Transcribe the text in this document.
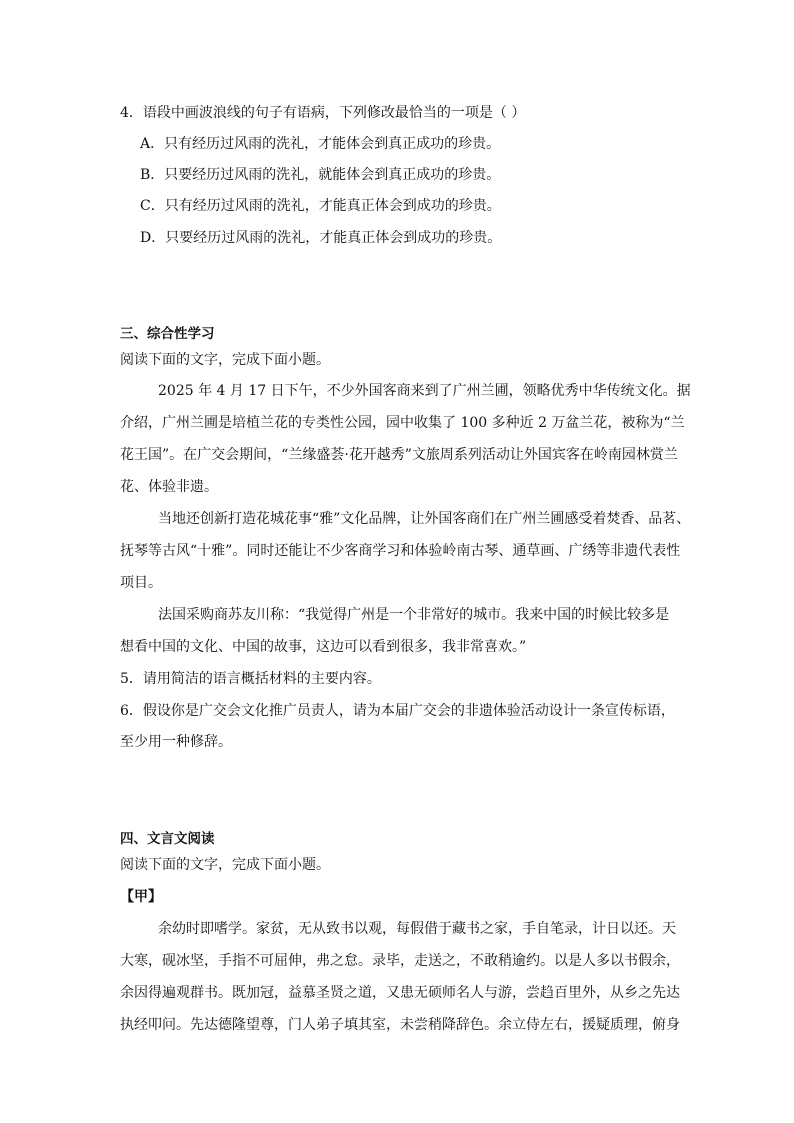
4．语段中画波浪线的句子有语病，下列修改最恰当的一项是（ ）
A．只有经历过风雨的洗礼，才能体会到真正成功的珍贵。
B．只要经历过风雨的洗礼，就能体会到真正成功的珍贵。
C．只有经历过风雨的洗礼，才能真正体会到成功的珍贵。
D．只要经历过风雨的洗礼，才能真正体会到成功的珍贵。
三、综合性学习
阅读下面的文字，完成下面小题。
2025 年 4 月 17 日下午，不少外国客商来到了广州兰圃，领略优秀中华传统文化。据
介绍，广州兰圃是培植兰花的专类性公园，园中收集了 100 多种近 2 万盆兰花，被称为“兰
花王国”。在广交会期间，“兰缘盛荟·花开越秀”文旅周系列活动让外国宾客在岭南园林赏兰
花、体验非遗。
当地还创新打造花城花事“雅”文化品牌，让外国客商们在广州兰圃感受着焚香、品茗、
抚琴等古风“十雅”。同时还能让不少客商学习和体验岭南古琴、通草画、广绣等非遗代表性
项目。
法国采购商苏友川称：“我觉得广州是一个非常好的城市。我来中国的时候比较多是
想看中国的文化、中国的故事，这边可以看到很多，我非常喜欢。”
5．请用简洁的语言概括材料的主要内容。
6．假设你是广交会文化推广员责人，请为本届广交会的非遗体验活动设计一条宣传标语，
至少用一种修辞。
四、文言文阅读
阅读下面的文字，完成下面小题。
【甲】
余幼时即嗜学。家贫，无从致书以观，每假借于藏书之家，手自笔录，计日以还。天
大寒，砚冰坚，手指不可屈伸，弗之怠。录毕，走送之，不敢稍逾约。以是人多以书假余，
余因得遍观群书。既加冠，益慕圣贤之道，又患无硕师名人与游，尝趋百里外，从乡之先达
执经叩问。先达德隆望尊，门人弟子填其室，未尝稍降辞色。余立侍左右，援疑质理，俯身
